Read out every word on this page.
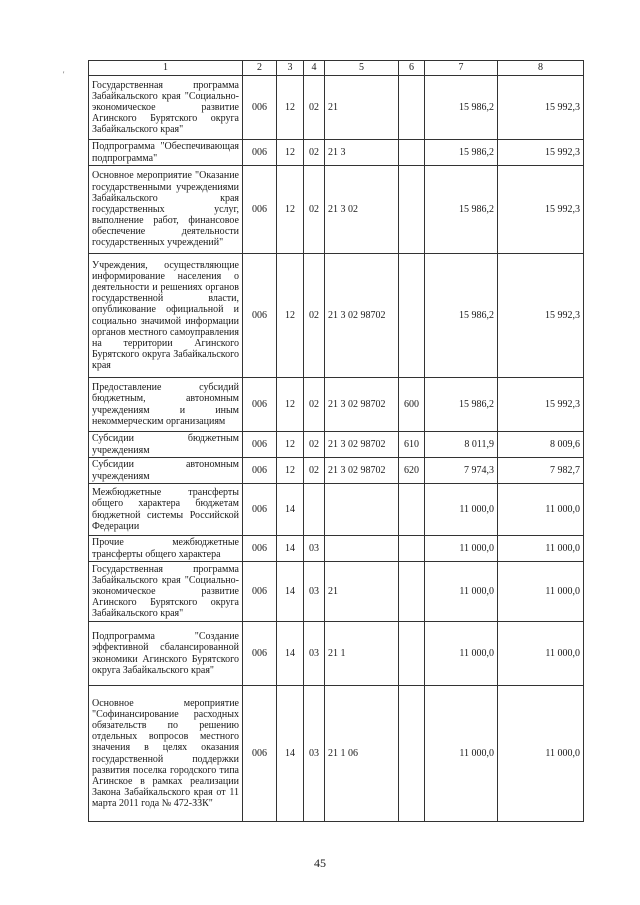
'
1	2	3	4	5	6	7	8
Государственная программа Забайкальского края "Социально-экономическое развитие Агинского Бурятского округа Забайкальского края"	006	12	02	21		15 986,2	15 992,3
Подпрограмма "Обеспечивающая подпрограмма"	006	12	02	21 3		15 986,2	15 992,3
Основное мероприятие "Оказание государственными учреждениями Забайкальского края государственных услуг, выполнение работ, финансовое обеспечение деятельности государственных учреждений"	006	12	02	21 3 02		15 986,2	15 992,3
Учреждения, осуществляющие информирование населения о деятельности и решениях органов государственной власти, опубликование официальной и социально значимой информации органов местного самоуправления на территории Агинского Бурятского округа Забайкальского края	006	12	02	21 3 02 98702		15 986,2	15 992,3
Предоставление субсидий бюджетным, автономным учреждениям и иным некоммерческим организациям	006	12	02	21 3 02 98702	600	15 986,2	15 992,3
Субсидии бюджетным учреждениям	006	12	02	21 3 02 98702	610	8 011,9	8 009,6
Субсидии автономным учреждениям	006	12	02	21 3 02 98702	620	7 974,3	7 982,7
Межбюджетные трансферты общего характера бюджетам бюджетной системы Российской Федерации	006	14				11 000,0	11 000,0
Прочие межбюджетные трансферты общего характера	006	14	03			11 000,0	11 000,0
Государственная программа Забайкальского края "Социально-экономическое развитие Агинского Бурятского округа Забайкальского края"	006	14	03	21		11 000,0	11 000,0
Подпрограмма "Создание эффективной сбалансированной экономики Агинского Бурятского округа Забайкальского края"	006	14	03	21 1		11 000,0	11 000,0
Основное мероприятие "Софинансирование расходных обязательств по решению отдельных вопросов местного значения в целях оказания государственной поддержки развития поселка городского типа Агинское в рамках реализации Закона Забайкальского края от 11 марта 2011 года № 472-ЗЗК"	006	14	03	21 1 06		11 000,0	11 000,0
45
